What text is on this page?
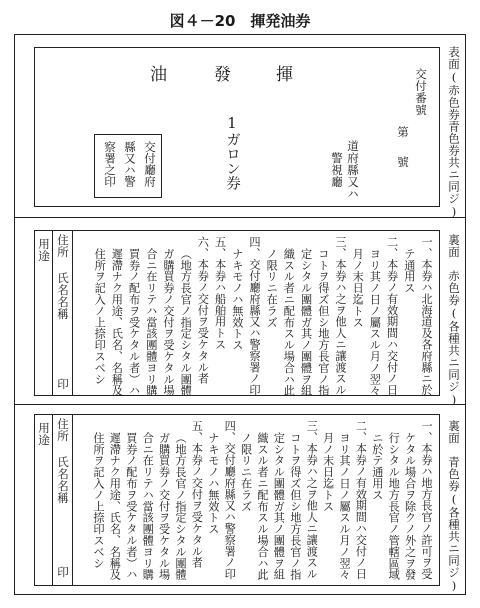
図４－20　揮発油券
表面(赤色券青色券共ニ同ジ)
揮
發
油	交付番號
第
號
道府縣又ハ
警視廳
1ガロン券
交付廳府
縣又ハ警
察署之印
裏面　赤色券(各種共ニ同ジ)
住所
用途
氏名名稱
印	一、本券ハ北海道及各府縣ニ於
テ通用ス
二、本券ノ有效期間ハ交付ノ日
ヨリ其ノ日ノ屬スル月ノ翌々
月ノ末日迄トス
三、本券ハ之ヲ他人ニ讓渡スル
コトヲ得ズ但シ地方長官ノ指
定シタル團體ガ其ノ團體ヲ組
織スル者ニ配布スル場合ハ此
ノ限リニ在ラズ
四、交付廳府縣又ハ警察署ノ印
ナキモノハ無效トス
五、本券ハ船舶用トス
六、本券ノ交付ヲ受ケタル者
（地方長官ノ指定シタル團體
ガ購買券ノ交付ヲ受ケタル場
合ニ在リテハ當該團體ヨリ購
買券ノ配布ヲ受ケタル者）ハ
遲滯ナク用途、氏名、名稱及
住所ヲ記入ノ上捺印スベシ
裏面　青色券(各種共ニ同ジ)
住所
用途
氏名名稱
印	一、本券ハ地方長官ノ許可ヲ受
ケタル場合ヲ除クノ外之ヲ發
行シタル地方長官ノ管轄區域
ニ於テ通用ス
二、本券ノ有效期間ハ交付ノ日
ヨリ其ノ日ノ屬スル月ノ翌々
月ノ末日迄トス
三、本券ハ之ヲ他人ニ讓渡スル
コトヲ得ズ但シ地方長官ノ指
定シタル團體ガ其ノ團體ヲ組
織スル者ニ配布スル場合ハ此
ノ限リニ在ラズ
四、交付廳府縣又ハ警察署ノ印
ナキモノハ無效トス
五、本券ノ交付ヲ受ケタル者
（地方長官ノ指定シタル團體
ガ購買券ノ交付ヲ受ケタル場
合ニ在リテハ當該團體ヨリ購
買券ノ配布ヲ受ケタル者）ハ
遲滯ナク用途、氏名、名稱及
住所ヲ記入ノ上捺印スベシ
